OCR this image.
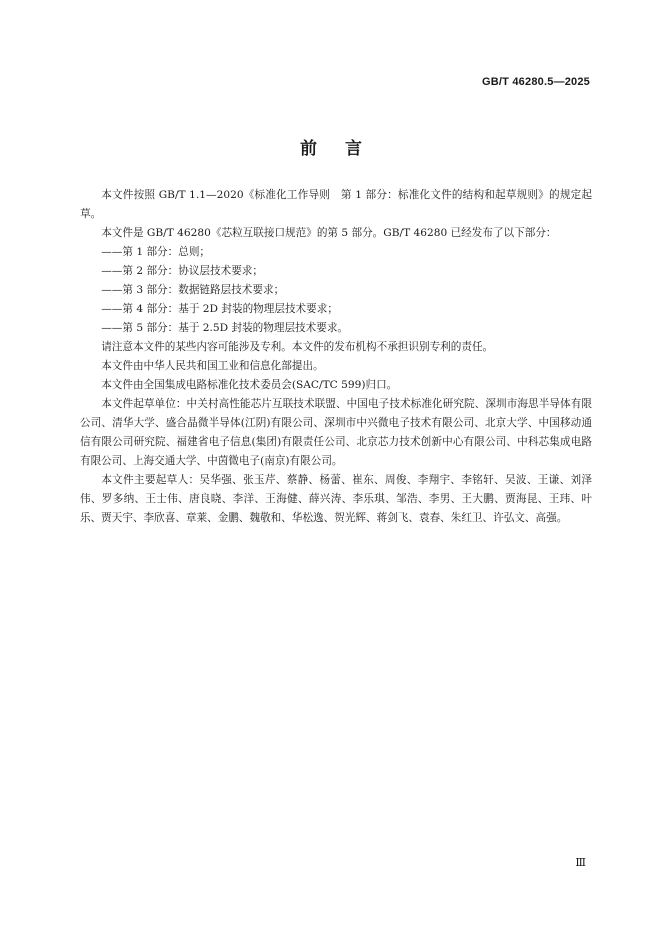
GB/T 46280.5—2025
前言

本文件按照 GB/T 1.1—2020《标准化工作导则　第 1 部分：标准化文件的结构和起草规则》的规定起草。

本文件是 GB/T 46280《芯粒互联接口规范》的第 5 部分。GB/T 46280 已经发布了以下部分：

——第 1 部分：总则；

——第 2 部分：协议层技术要求；

——第 3 部分：数据链路层技术要求；

——第 4 部分：基于 2D 封装的物理层技术要求；

——第 5 部分：基于 2.5D 封装的物理层技术要求。

请注意本文件的某些内容可能涉及专利。本文件的发布机构不承担识别专利的责任。

本文件由中华人民共和国工业和信息化部提出。

本文件由全国集成电路标准化技术委员会(SAC/TC 599)归口。

本文件起草单位：中关村高性能芯片互联技术联盟、中国电子技术标准化研究院、深圳市海思半导体有限公司、清华大学、盛合晶微半导体(江阴)有限公司、深圳市中兴微电子技术有限公司、北京大学、中国移动通信有限公司研究院、福建省电子信息(集团)有限责任公司、北京芯力技术创新中心有限公司、中科芯集成电路有限公司、上海交通大学、中茵微电子(南京)有限公司。

本文件主要起草人：吴华强、张玉芹、蔡静、杨蕾、崔东、周俊、李翔宇、李铭轩、吴波、王谦、刘泽伟、罗多纳、王士伟、唐良晓、李洋、王海健、薛兴涛、李乐琪、邹浩、李男、王大鹏、贾海昆、王玮、叶乐、贾天宇、李欣喜、章莱、金鹏、魏敬和、华松逸、贺光辉、蒋剑飞、袁春、朱红卫、许弘文、高强。

Ⅲ
